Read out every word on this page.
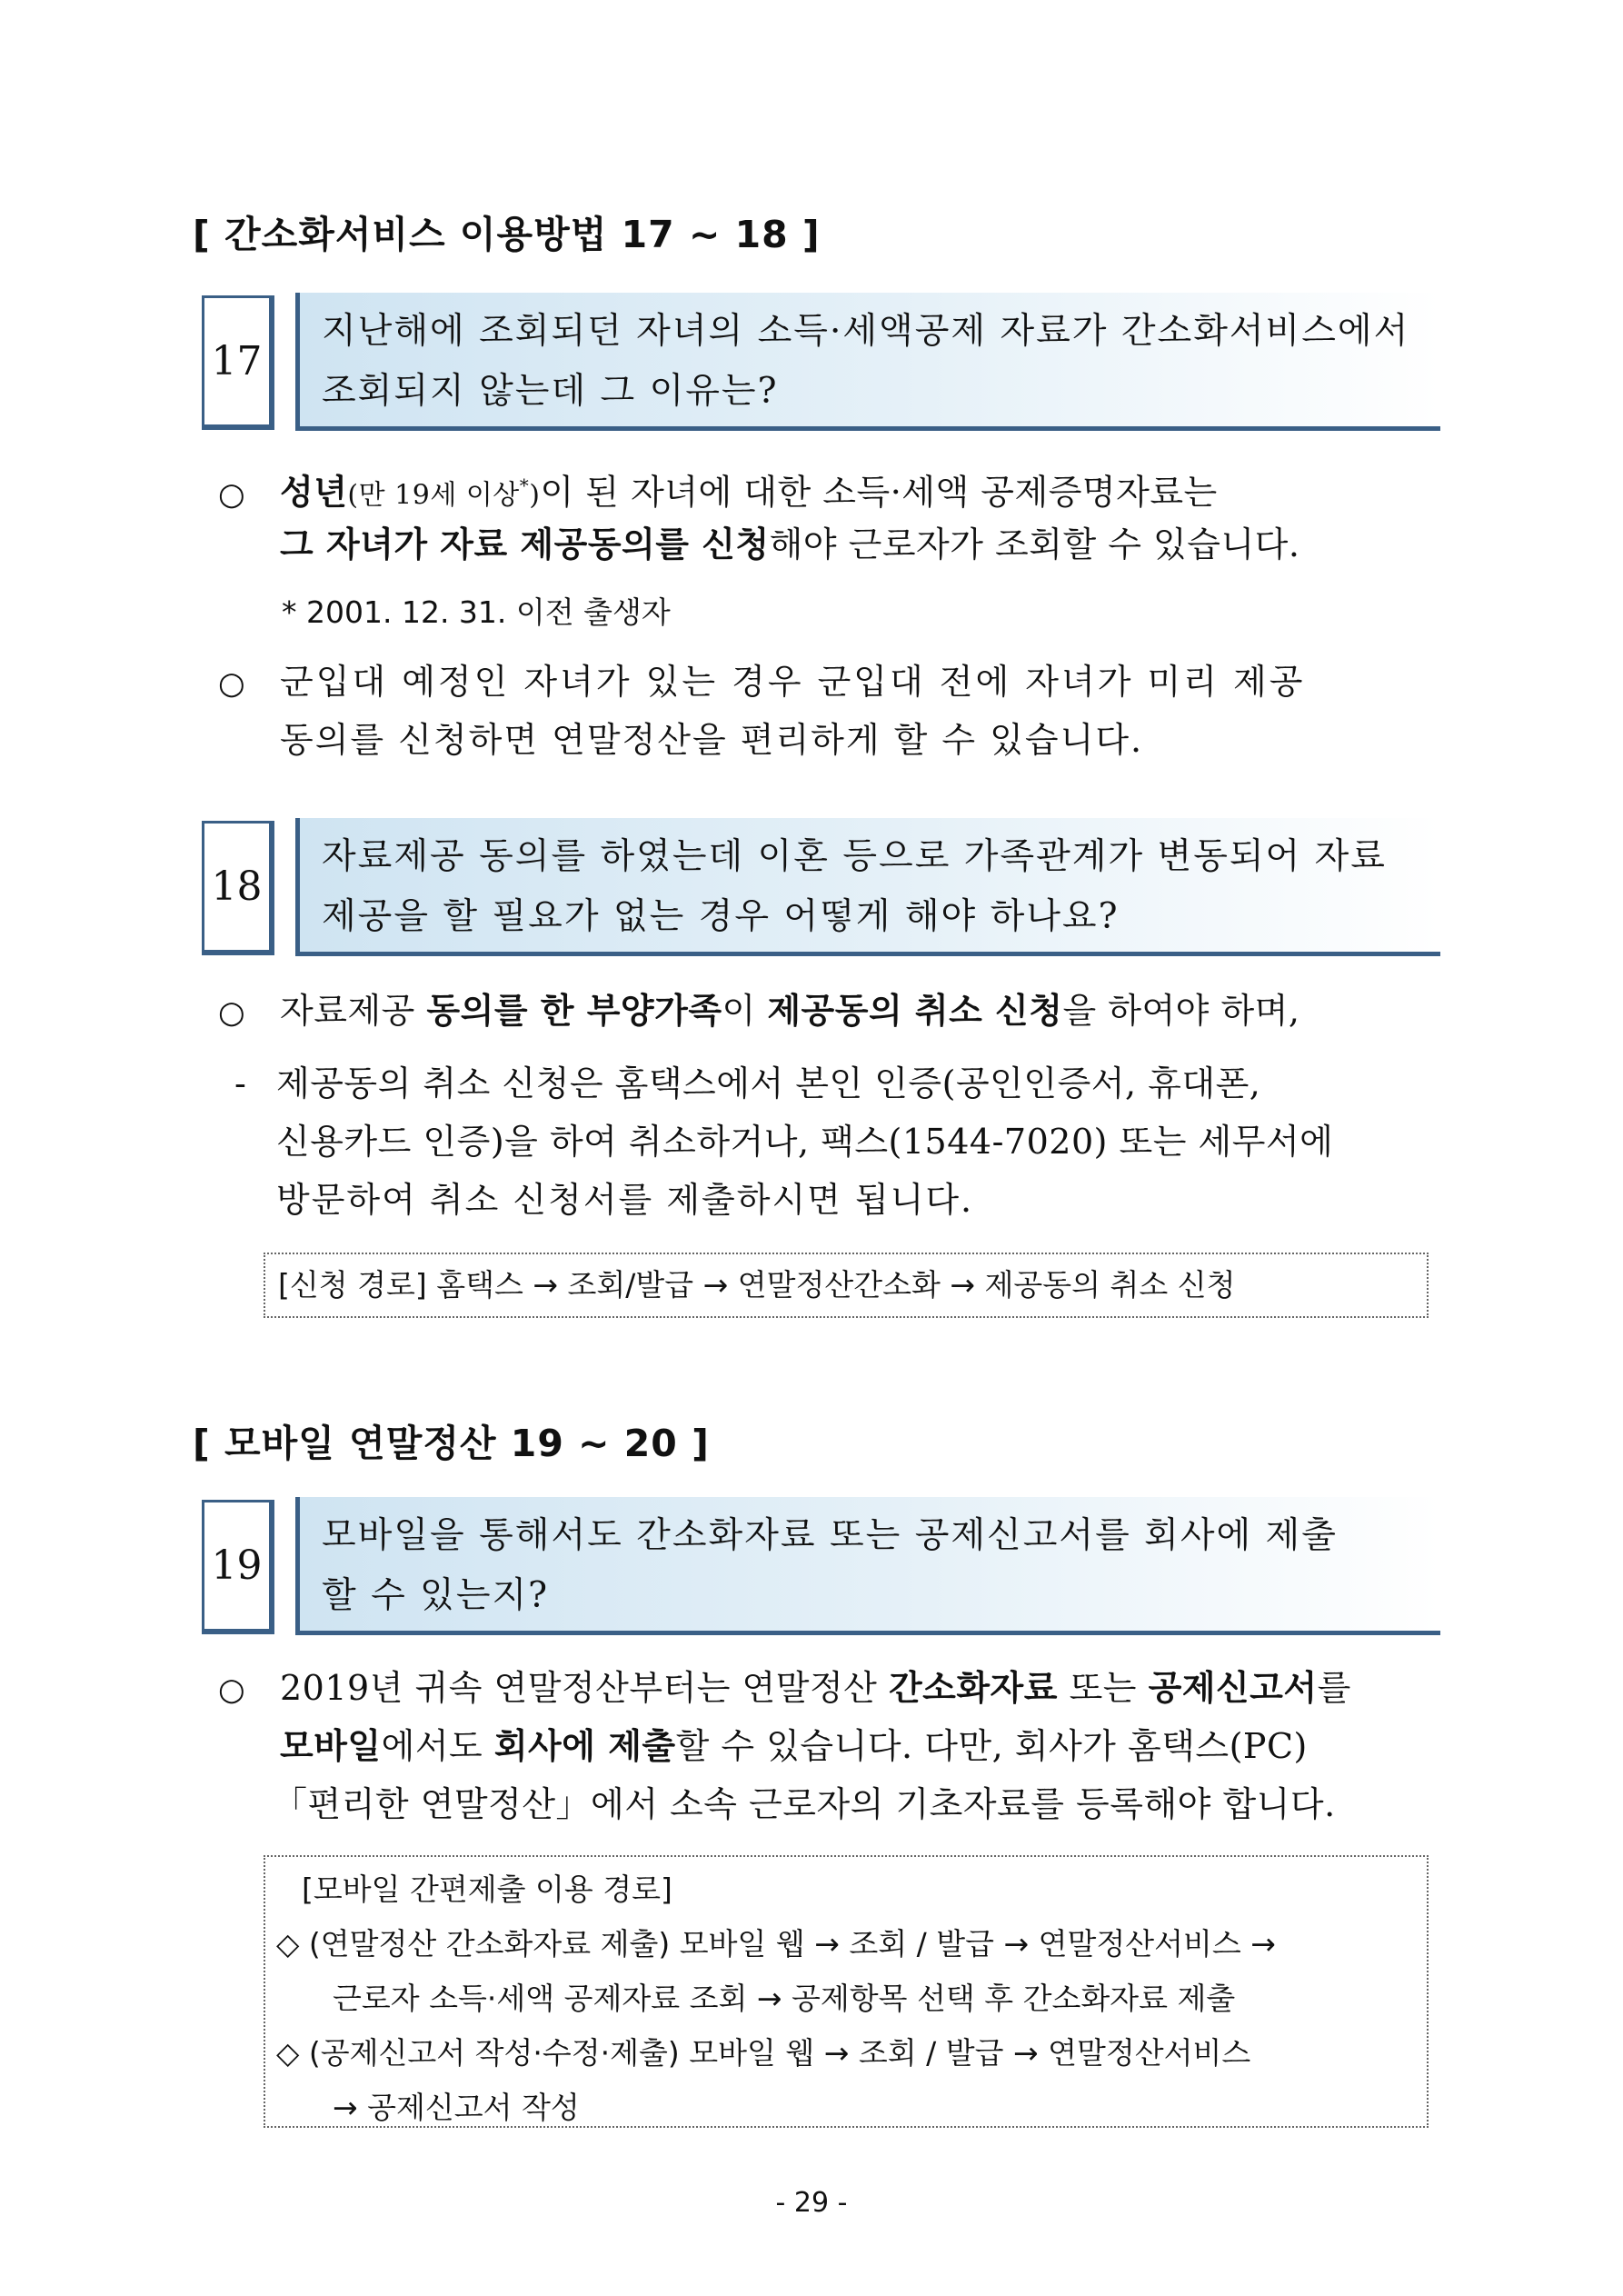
[ 간소화서비스 이용방법 17 ~ 18 ]
17
지난해에 조회되던 자녀의 소득·세액공제 자료가 간소화서비스에서
조회되지 않는데 그 이유는?
○ 성년(만 19세 이상*)이 된 자녀에 대한 소득·세액 공제증명자료는
그 자녀가 자료 제공동의를 신청해야 근로자가 조회할 수 있습니다.
* 2001. 12. 31. 이전 출생자
○ 군입대 예정인 자녀가 있는 경우 군입대 전에 자녀가 미리 제공
동의를 신청하면 연말정산을 편리하게 할 수 있습니다.
18
자료제공 동의를 하였는데 이혼 등으로 가족관계가 변동되어 자료
제공을 할 필요가 없는 경우 어떻게 해야 하나요?
○ 자료제공 동의를 한 부양가족이 제공동의 취소 신청을 하여야 하며,
- 제공동의 취소 신청은 홈택스에서 본인 인증(공인인증서, 휴대폰,
신용카드 인증)을 하여 취소하거나, 팩스(1544-7020) 또는 세무서에
방문하여 취소 신청서를 제출하시면 됩니다.
[신청 경로] 홈택스 → 조회/발급 → 연말정산간소화 → 제공동의 취소 신청
[ 모바일 연말정산 19 ~ 20 ]
19
모바일을 통해서도 간소화자료 또는 공제신고서를 회사에 제출
할 수 있는지?
○ 2019년 귀속 연말정산부터는 연말정산 간소화자료 또는 공제신고서를
모바일에서도 회사에 제출할 수 있습니다. 다만, 회사가 홈택스(PC)
「편리한 연말정산」에서 소속 근로자의 기초자료를 등록해야 합니다.
[모바일 간편제출 이용 경로]
◇ (연말정산 간소화자료 제출) 모바일 웹 → 조회 / 발급 → 연말정산서비스 →
근로자 소득·세액 공제자료 조회 → 공제항목 선택 후 간소화자료 제출
◇ (공제신고서 작성·수정·제출) 모바일 웹 → 조회 / 발급 → 연말정산서비스
→ 공제신고서 작성
- 29 -
